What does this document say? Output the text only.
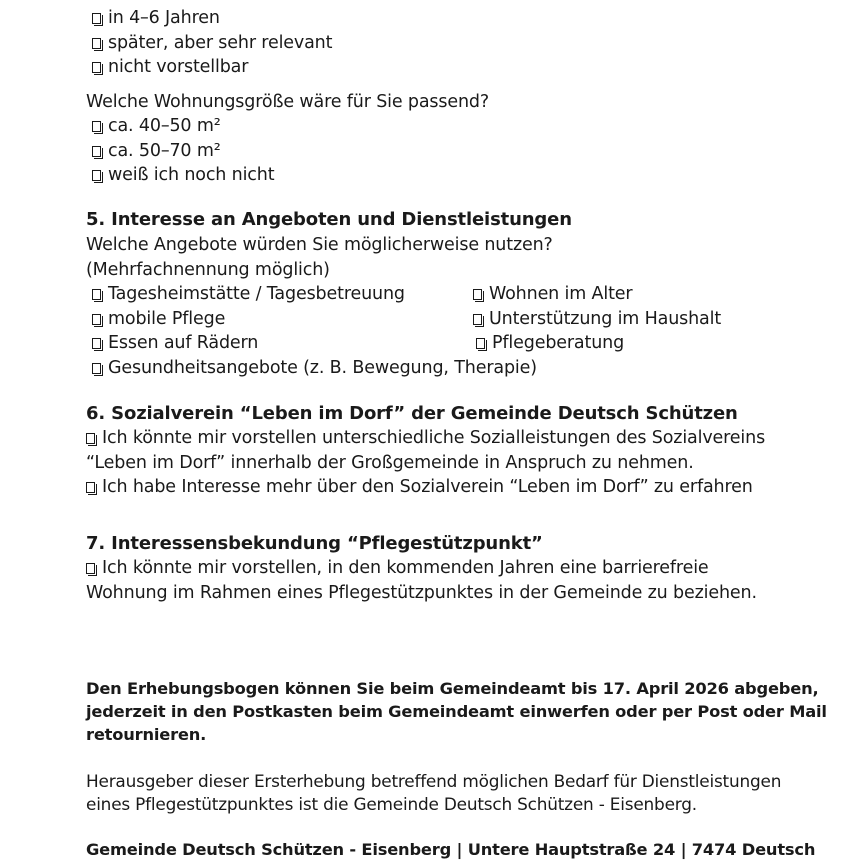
in 4–6 Jahren
später, aber sehr relevant
nicht vorstellbar
Welche Wohnungsgröße wäre für Sie passend?
ca. 40–50 m²
ca. 50–70 m²
weiß ich noch nicht
5. Interesse an Angeboten und Dienstleistungen
Welche Angebote würden Sie möglicherweise nutzen?
(Mehrfachnennung möglich)
Tagesheimstätte / Tagesbetreuung
mobile Pflege
Essen auf Rädern
Gesundheitsangebote (z. B. Bewegung, Therapie)
Wohnen im Alter
Unterstützung im Haushalt
Pflegeberatung
6. Sozialverein “Leben im Dorf” der Gemeinde Deutsch Schützen
Ich könnte mir vorstellen unterschiedliche Sozialleistungen des Sozialvereins
“Leben im Dorf” innerhalb der Großgemeinde in Anspruch zu nehmen.
Ich habe Interesse mehr über den Sozialverein “Leben im Dorf” zu erfahren
7. Interessensbekundung “Pflegestützpunkt”
Ich könnte mir vorstellen, in den kommenden Jahren eine barrierefreie
Wohnung im Rahmen eines Pflegestützpunktes in der Gemeinde zu beziehen.
Den Erhebungsbogen können Sie beim Gemeindeamt bis 17. April 2026 abgeben,
jederzeit in den Postkasten beim Gemeindeamt einwerfen oder per Post oder Mail
retournieren.
Herausgeber dieser Ersterhebung betreffend möglichen Bedarf für Dienstleistungen
eines Pflegestützpunktes ist die Gemeinde Deutsch Schützen - Eisenberg.
Gemeinde Deutsch Schützen - Eisenberg | Untere Hauptstraße 24 | 7474 Deutsch
